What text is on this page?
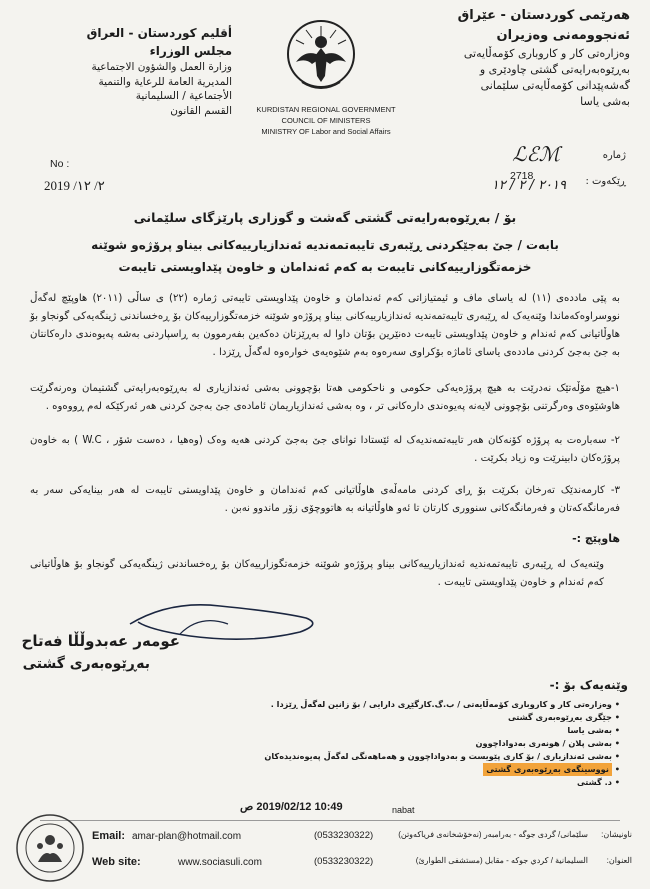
هەرێمی کوردستان - عێراق
ئەنجوومەنی وەزیران
وەزارەتی کار و کاروباری کۆمەڵایەتی
بەڕێوەبەرایەتی گشتی چاودێری و
گەشەپێدانی کۆمەڵایەتی سلێمانی
بەشی یاسا
أقليم كوردستان - العراق
مجلس الوزراء
وزارة العمل والشؤون الاجتماعية
المديرية العامة للرعاية والتنمية
الأجتماعية / السليمانية
القسم القانون	KURDISTAN REGIONAL GOVERNMENT
COUNCIL OF MINISTERS
MINISTRY OF Labor and Social Affairs
No :
2019 /٢/ ١٢
ژمارە
ℒℰℳ
2718	ڕێکەوت :
٢٠١٩ / ٢ / ١٢
بۆ / بەڕێوەبەرایەتی گشتی گەشت و گوزاری پارێزگای سلێمانی
بابەت / جێ بەجێکردنی ڕێبەری تایبەتمەندیە ئەندازیارییەکانی بیناو پرۆژەو شوێنە
خزمەتگوزارییەکانی تایبەت بە کەم ئەندامان و خاوەن پێداویستی تایبەت
بە پێی ماددەی (١١) لە یاسای ماف و ئیمتیازاتی کەم ئەندامان و خاوەن پێداویستی تایبەتی ژمارە (٢٢) ی ساڵی (٢٠١١) هاوپێچ لەگەڵ نووسراوەکەماندا وێنەیەک لە ڕێبەری تایبەتمەندیە ئەندازیارییەکانی بیناو پرۆژەو شوێنە خزمەتگوزارییەکان بۆ ڕەخساندنی ژینگەیەکی گونجاو بۆ هاوڵاتیانی کەم ئەندام و خاوەن پێداویستی تایبەت دەنێرین بۆتان داوا لە بەڕێزتان دەکەین بفەرموون بە ڕاسپاردنی بەشە پەیوەندی دارەکانتان بە جێ بەجێ کردنی ماددەی یاسای ئاماژە بۆکراوی سەرەوە بەم شێوەیەی خوارەوە لەگەڵ ڕێزدا .
١-هیچ مۆڵەتێک نەدرێت بە هیچ پرۆژەیەکی حکومی و ناحکومی هەتا بۆچوونی بەشی ئەندازیاری لە بەڕێوەبەرایەتی گشتیمان وەرنەگرێت هاوشێوەی وەرگرتنی بۆچوونی لایەنە پەیوەندی دارەکانی تر ، وە بەشی ئەندازیاریمان ئامادەی جێ بەجێ کردنی هەر ئەرکێکە لەم ڕووەوە .
٢- سەبارەت بە پرۆژە کۆنەکان هەر تایبەتمەندیەک لە ئێستادا توانای جێ بەجێ کردنی هەیە وەک (وەهیا ، دەست شۆر ، W.C ) بە خاوەن پرۆژەکان دابینرێت وە زیاد بکرێت .
٣- کارمەندێک تەرخان بکرێت بۆ ڕای کردنی مامەڵەی هاوڵاتیانی کەم ئەندامان و خاوەن پێداویستی تایبەت لە هەر بینایەکی سەر بە فەرمانگەکەتان و فەرمانگەکانی سنووری کارتان تا ئەو هاوڵاتیانە بە هاتووچۆی زۆر ماندوو نەبن .
هاوپێچ :-
وێنەیەک لە ڕێبەری تایبەتمەندیە ئەندازیارییەکانی بیناو پرۆژەو شوێنە خزمەتگوزارییەکان بۆ ڕەخساندنی ژینگەیەکی گونجاو بۆ هاوڵاتیانی کەم ئەندام و خاوەن پێداویستی تایبەت .
عومەر عەبدوڵڵا فەتاح
بەڕێوەبەری گشتی
وێنەیەک بۆ :-
• وەزارەتی کار و کاروباری کۆمەڵایەتی / ب.گ.کارگێڕی دارایی / بۆ زانین لەگەڵ ڕێزدا .
• جێگری بەڕێوەبەری گشتی
• بەشی یاسا
• بەشی پلان / هونەری بەدواداچوون
• بەشی ئەندازیاری / بۆ کاری پێویست و بەدواداچوون و هەماهەنگی لەگەڵ پەیوەندیدەکان
• نووسینگەی بەڕێوەبەری گشتی
• د. گشتی
nabat
10:49 2019/02/12 ص
Email: amar-plan@hotmail.com
Web site:	www.sociasuli.com
ناونیشان:
سلێمانی/ گردی جوگە - بەرامبەر (نەخۆشخانەی فریاکەوتن)
(0533230322)
العنوان:
السليمانية / كردي جوكه - مقابل (مستشفى الطوارئ)
(0533230322)
